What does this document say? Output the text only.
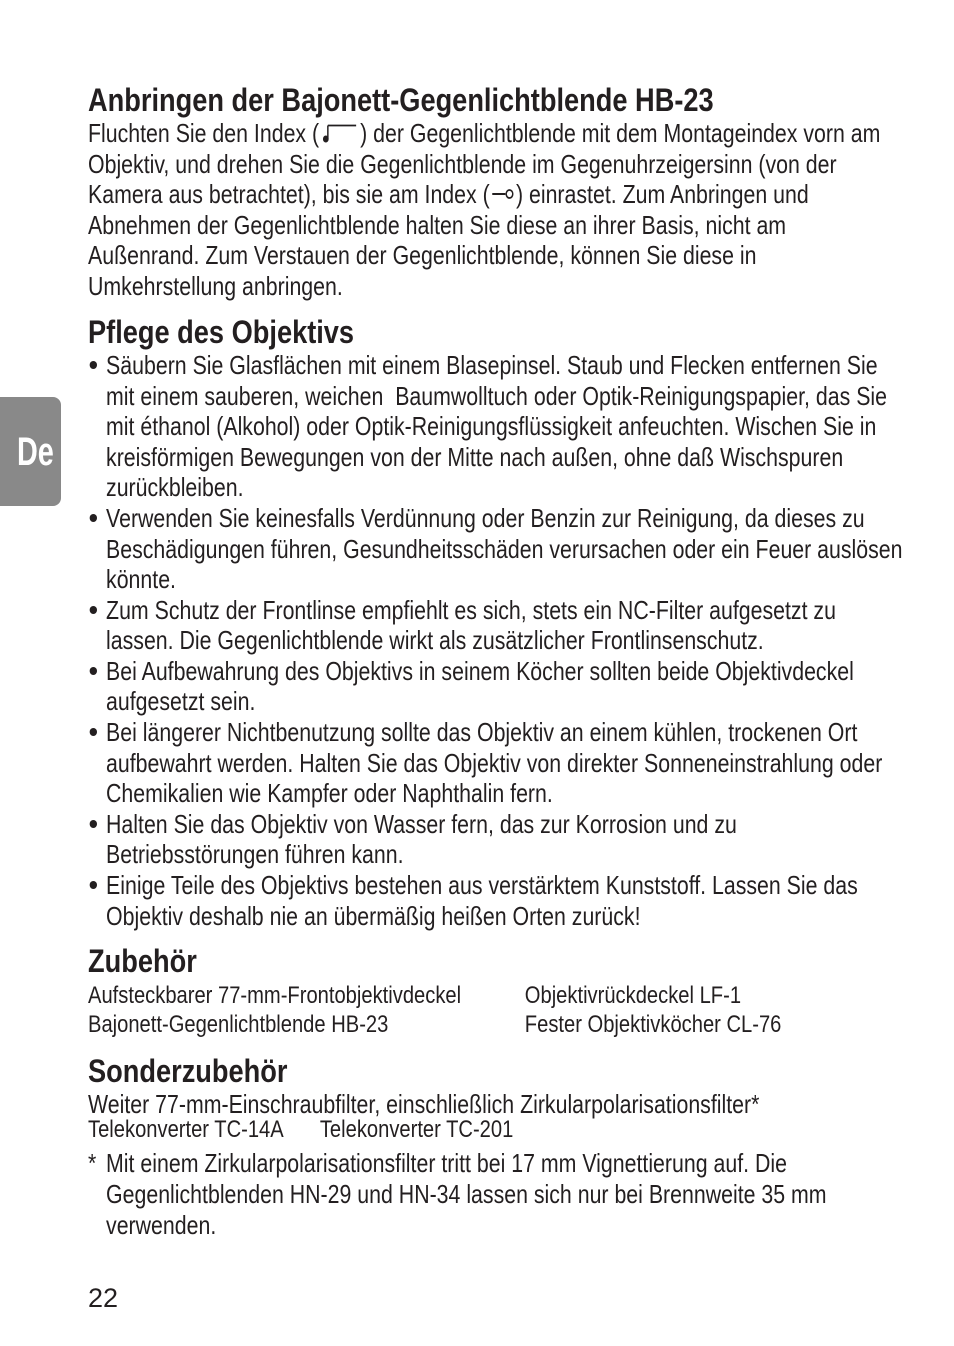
De
Anbringen der Bajonett-Gegenlichtblende HB-23
Fluchten Sie den Index ( ) der Gegenlichtblende mit dem Montageindex vorn am
Objektiv, und drehen Sie die Gegenlichtblende im Gegenuhrzeigersinn (von der
Kamera aus betrachtet), bis sie am Index ( ) einrastet. Zum Anbringen und
Abnehmen der Gegenlichtblende halten Sie diese an ihrer Basis, nicht am
Außenrand. Zum Verstauen der Gegenlichtblende, können Sie diese in
Umkehrstellung anbringen.
Pflege des Objektivs
Säubern Sie Glasflächen mit einem Blasepinsel. Staub und Flecken entfernen Sie
mit einem sauberen, weichen  Baumwolltuch oder Optik-Reinigungspapier, das Sie
mit éthanol (Alkohol) oder Optik-Reinigungsflüssigkeit anfeuchten. Wischen Sie in
kreisförmigen Bewegungen von der Mitte nach außen, ohne daß Wischspuren
zurückbleiben.
Verwenden Sie keinesfalls Verdünnung oder Benzin zur Reinigung, da dieses zu
Beschädigungen führen, Gesundheitsschäden verursachen oder ein Feuer auslösen
könnte.
Zum Schutz der Frontlinse empfiehlt es sich, stets ein NC-Filter aufgesetzt zu
lassen. Die Gegenlichtblende wirkt als zusätzlicher Frontlinsenschutz.
Bei Aufbewahrung des Objektivs in seinem Köcher sollten beide Objektivdeckel
aufgesetzt sein.
Bei längerer Nichtbenutzung sollte das Objektiv an einem kühlen, trockenen Ort
aufbewahrt werden. Halten Sie das Objektiv von direkter Sonneneinstrahlung oder
Chemikalien wie Kampfer oder Naphthalin fern.
Halten Sie das Objektiv von Wasser fern, das zur Korrosion und zu
Betriebsstörungen führen kann.
Einige Teile des Objektivs bestehen aus verstärktem Kunststoff. Lassen Sie das
Objektiv deshalb nie an übermäßig heißen Orten zurück!
Zubehör
Aufsteckbarer 77-mm-Frontobjektivdeckel	Objektivrückdeckel LF-1
Bajonett-Gegenlichtblende HB-23	Fester Objektivköcher CL-76
Sonderzubehör
Weiter 77-mm-Einschraubfilter, einschließlich Zirkularpolarisationsfilter*
Telekonverter TC-14A Telekonverter TC-201
* Mit einem Zirkularpolarisationsfilter tritt bei 17 mm Vignettierung auf. Die
Gegenlichtblenden HN-29 und HN-34 lassen sich nur bei Brennweite 35 mm
verwenden.
22
